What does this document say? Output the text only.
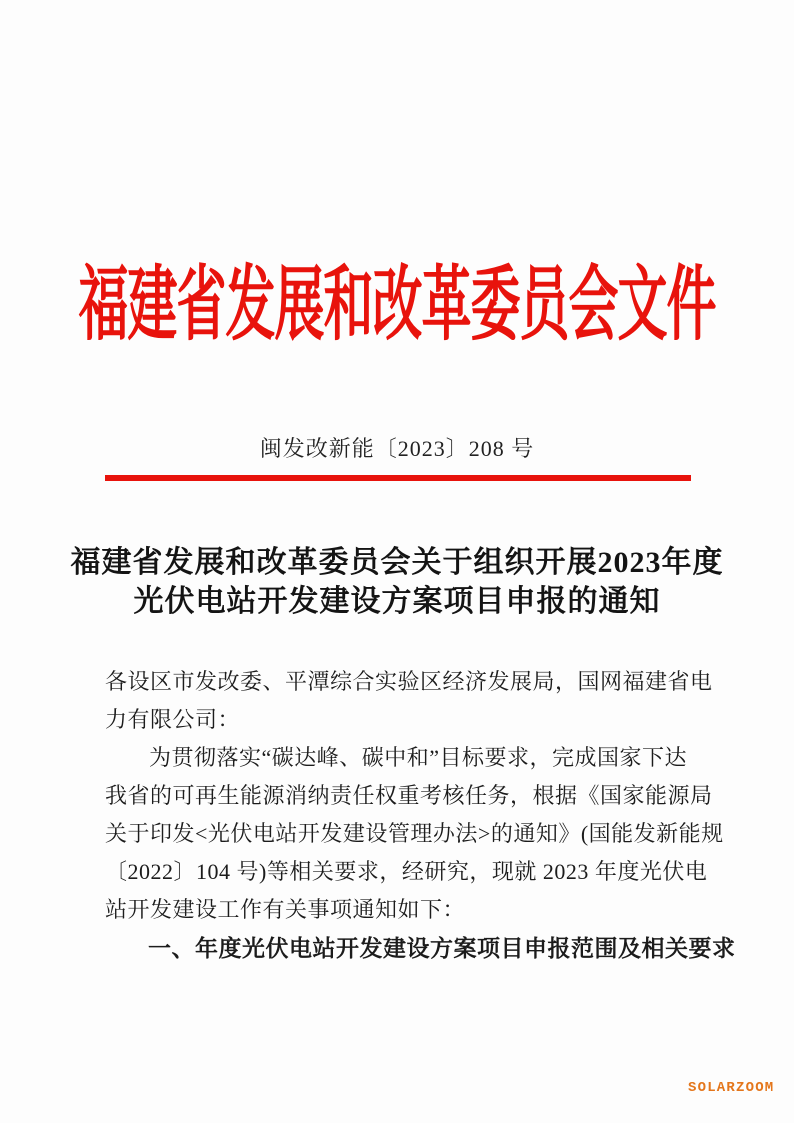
福建省发展和改革委员会文件
闽发改新能〔2023〕208 号
福建省发展和改革委员会关于组织开展2023年度
光伏电站开发建设方案项目申报的通知
各设区市发改委、平潭综合实验区经济发展局，国网福建省电
力有限公司：
为贯彻落实“碳达峰、碳中和”目标要求，完成国家下达
我省的可再生能源消纳责任权重考核任务，根据《国家能源局
关于印发<光伏电站开发建设管理办法>的通知》(国能发新能规
〔2022〕104 号)等相关要求，经研究，现就 2023 年度光伏电
站开发建设工作有关事项通知如下：
一、年度光伏电站开发建设方案项目申报范围及相关要求
SOLARZOOM
